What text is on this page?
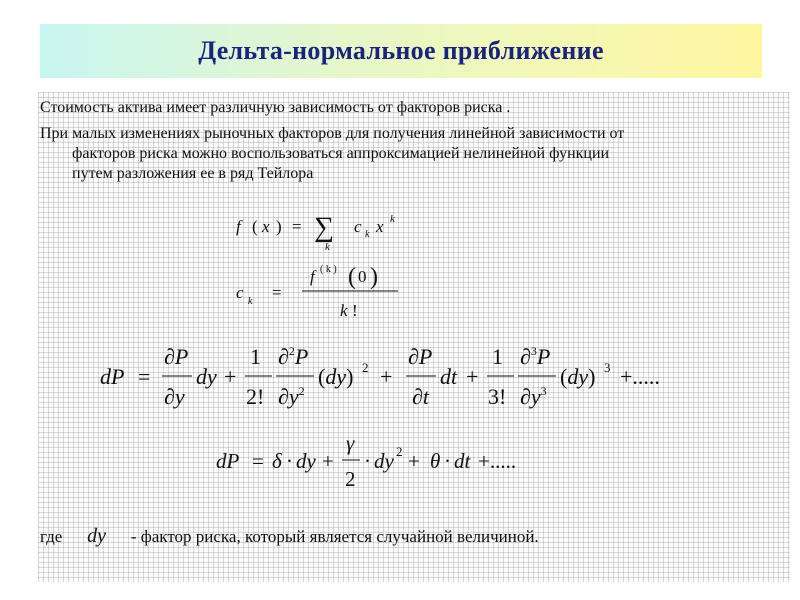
Дельта-нормальное приближение
Стоимость актива имеет различную зависимость от факторов риска .
При малых изменениях рыночных факторов для получения линейной зависимости от
факторов риска можно воспользоваться аппроксимацией нелинейной функции
путем разложения ее в ряд Тейлора
f ( x ) = ∑
k
c k x k
c k =
f ( k ) ( 0 )
k !
dP =
∂P
∂y
dy +
1
2!
∂$^2$P
$\partial y^2$
(dy) 2 +
∂P
∂t
dt +
1
3!
∂$^3$P
$\partial y^3$
(dy) 3 +.....
dP = δ · dy +
γ
2
· dy 2 + θ · dt +.....
где dy - фактор риска, который является случайной величиной.
